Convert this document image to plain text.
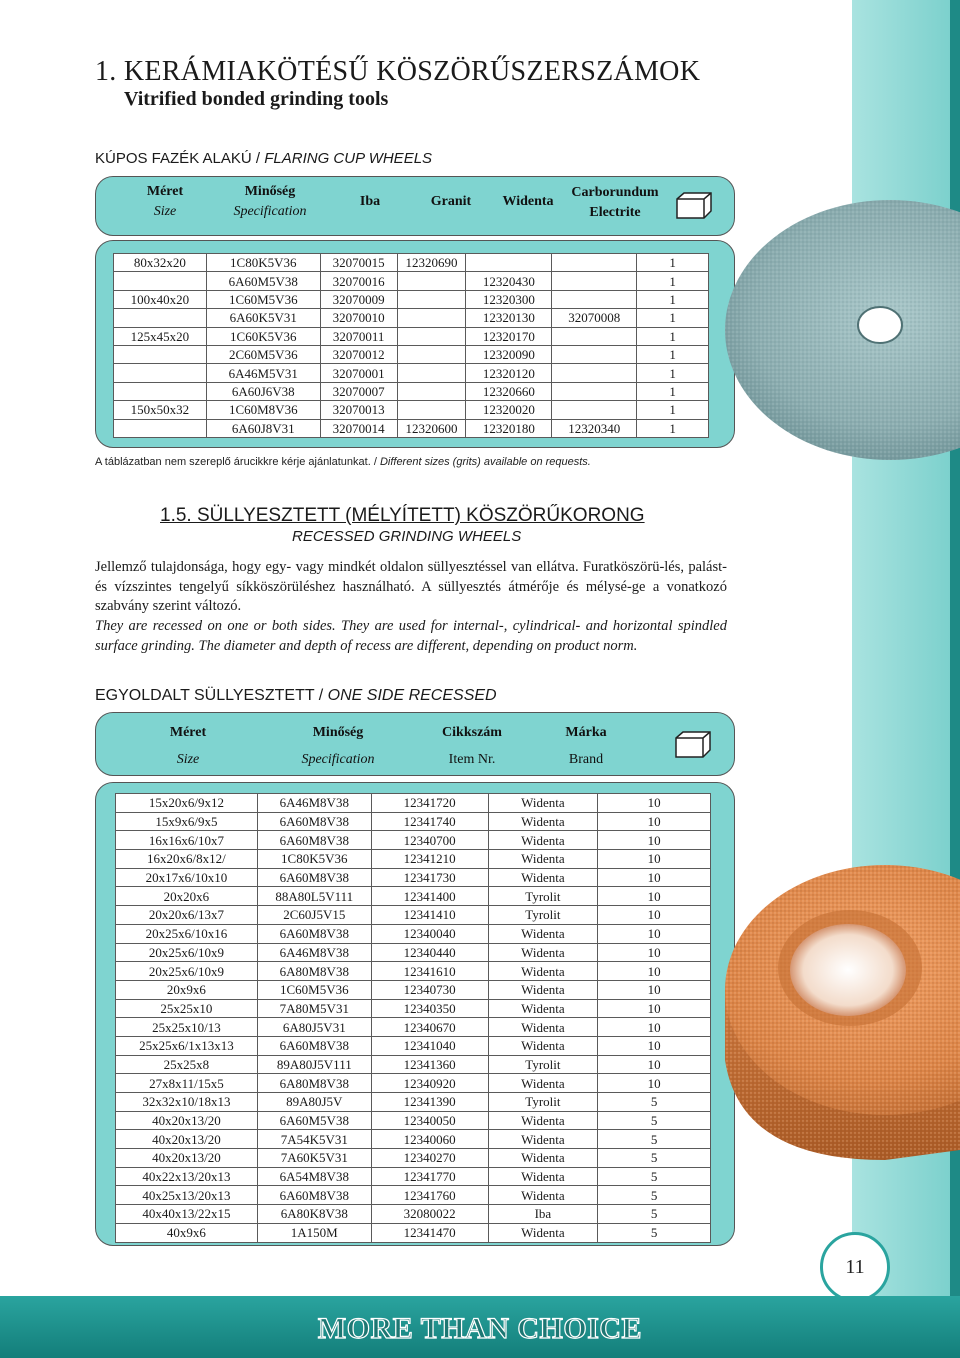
1. KERÁMIAKÖTÉSŰ KÖSZÖRŰSZERSZÁMOK
Vitrified bonded grinding tools
KÚPOS FAZÉK ALAKÚ / FLARING CUP WHEELS
Méret
Size
Minőség
Specification
Iba	Granit Widenta
Carborundum
Electrite
80x32x20	1C80K5V36	32070015	12320690			1
	6A60M5V38	32070016		12320430		1
100x40x20	1C60M5V36	32070009		12320300		1
	6A60K5V31	32070010		12320130	32070008	1
125x45x20	1C60K5V36	32070011		12320170		1
	2C60M5V36	32070012		12320090		1
	6A46M5V31	32070001		12320120		1
	6A60J6V38	32070007		12320660		1
150x50x32	1C60M8V36	32070013		12320020		1
	6A60J8V31	32070014	12320600	12320180	12320340	1
A táblázatban nem szereplő árucikkre kérje ajánlatunkat. / Different sizes (grits) available on requests.
1.5. SÜLLYESZTETT (MÉLYÍTETT) KÖSZÖRŰKORONG
RECESSED GRINDING WHEELS
Jellemző tulajdonsága, hogy egy- vagy mindkét oldalon süllyesztéssel van ellátva. Furatköszörü-lés, palást- és vízszintes tengelyű síkköszörüléshez használható. A süllyesztés átmérője és mélysé-ge a vonatkozó szabvány szerint változó.
They are recessed on one or both sides. They are used for internal-, cylindrical- and horizontal spindled surface grinding. The diameter and depth of recess are different, depending on product norm.
EGYOLDALT SÜLLYESZTETT / ONE SIDE RECESSED
Méret
Size
Minőség
Specification
Cikkszám
Item Nr.
Márka
Brand
15x20x6/9x12	6A46M8V38	12341720	Widenta	10
15x9x6/9x5	6A60M8V38	12341740	Widenta	10
16x16x6/10x7	6A60M8V38	12340700	Widenta	10
16x20x6/8x12/	1C80K5V36	12341210	Widenta	10
20x17x6/10x10	6A60M8V38	12341730	Widenta	10
20x20x6	88A80L5V111	12341400	Tyrolit	10
20x20x6/13x7	2C60J5V15	12341410	Tyrolit	10
20x25x6/10x16	6A60M8V38	12340040	Widenta	10
20x25x6/10x9	6A46M8V38	12340440	Widenta	10
20x25x6/10x9	6A80M8V38	12341610	Widenta	10
20x9x6	1C60M5V36	12340730	Widenta	10
25x25x10	7A80M5V31	12340350	Widenta	10
25x25x10/13	6A80J5V31	12340670	Widenta	10
25x25x6/1x13x13	6A60M8V38	12341040	Widenta	10
25x25x8	89A80J5V111	12341360	Tyrolit	10
27x8x11/15x5	6A80M8V38	12340920	Widenta	10
32x32x10/18x13	89A80J5V	12341390	Tyrolit	5
40x20x13/20	6A60M5V38	12340050	Widenta	5
40x20x13/20	7A54K5V31	12340060	Widenta	5
40x20x13/20	7A60K5V31	12340270	Widenta	5
40x22x13/20x13	6A54M8V38	12341770	Widenta	5
40x25x13/20x13	6A60M8V38	12341760	Widenta	5
40x40x13/22x15	6A80K8V38	32080022	Iba	5
40x9x6	1A150M	12341470	Widenta	5
11
MORE THAN CHOICE
